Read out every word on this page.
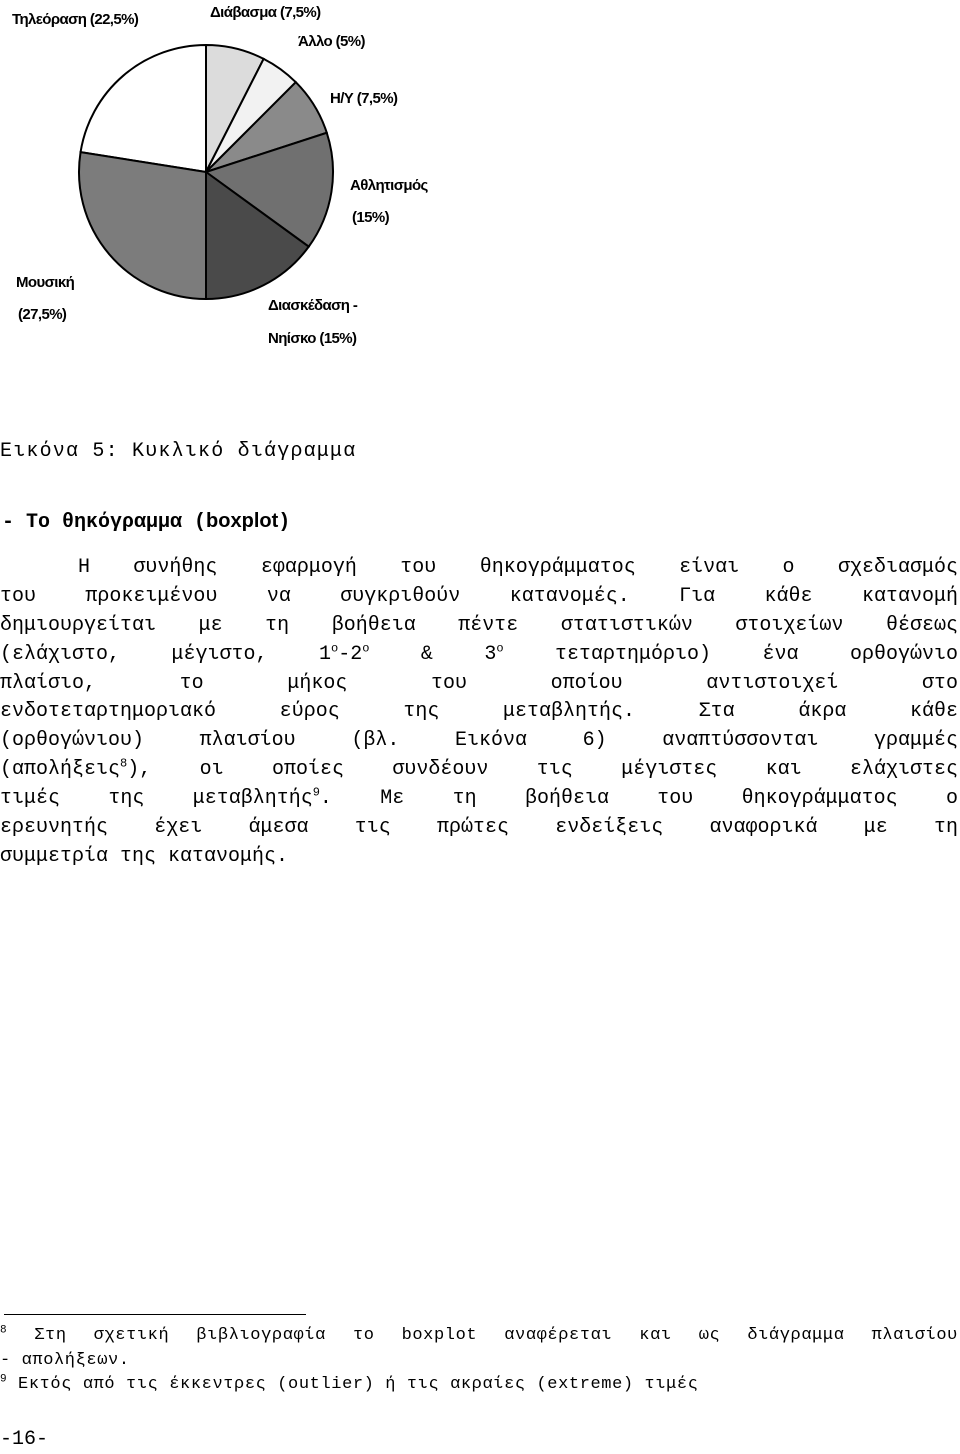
Τηλεόραση (22,5%)	Διάβασμα (7,5%)
Άλλο (5%)
Η/Υ (7,5%)
Αθλητισμός
(15%)
Διασκέδαση -
Νηίσκο (15%)
Μουσική
(27,5%)
Εικόνα 5: Κυκλικό διάγραμμα
- Το θηκόγραμμα (boxplot)
Η συνήθης εφαρμογή του θηκογράμματος είναι ο σχεδιασμός
του προκειμένου να συγκριθούν κατανομές. Για κάθε κατανομή
δημιουργείται με τη βοήθεια πέντε στατιστικών στοιχείων θέσεως
(ελάχιστο, μέγιστο, $1^o-2^o$ & $3^o$ τεταρτημόριο) ένα ορθογώνιο
πλαίσιο, το μήκος του οποίου αντιστοιχεί στο
ενδοτεταρτημοριακό εύρος της μεταβλητής. Στα άκρα κάθε
(ορθογώνιου) πλαισίου (βλ. Εικόνα 6) αναπτύσσονται γραμμές
(απολήξεις$^8$), οι οποίες συνδέουν τις μέγιστες και ελάχιστες
τιμές της μεταβλητής$^9$. Με τη βοήθεια του θηκογράμματος ο
ερευνητής έχει άμεσα τις πρώτες ενδείξεις αναφορικά με τη
συμμετρία της κατανομής.
$^8$ Στη σχετική βιβλιογραφία το boxplot αναφέρεται και ως διάγραμμα πλαισίου
- απολήξεων.
$^9$ Εκτός από τις έκκεντρες (outlier) ή τις ακραίες (extreme) τιμές
-16-
